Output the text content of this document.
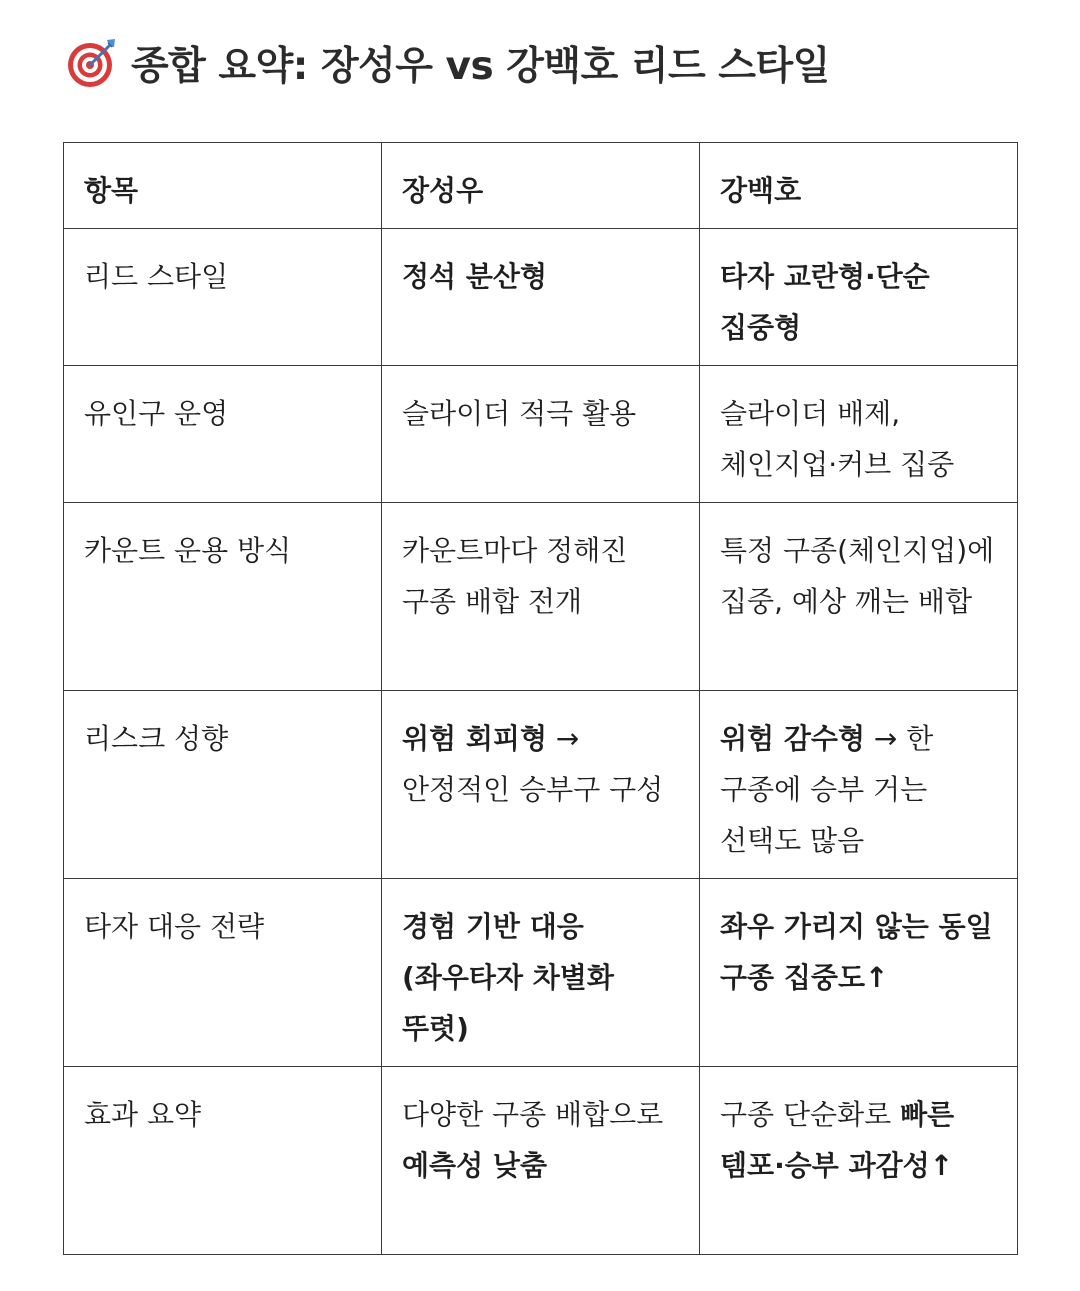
종합 요약: 장성우 vs 강백호 리드 스타일
항목	장성우	강백호
리드 스타일	정석 분산형	타자 교란형·단순 집중형
유인구 운영	슬라이더 적극 활용	슬라이더 배제, 체인지업·커브 집중
카운트 운용 방식	카운트마다 정해진 구종 배합 전개	특정 구종(체인지업)에 집중, 예상 깨는 배합
리스크 성향	위험 회피형 → 안정적인 승부구 구성	위험 감수형 → 한 구종에 승부 거는 선택도 많음
타자 대응 전략	경험 기반 대응 (좌우타자 차별화 뚜렷)	좌우 가리지 않는 동일 구종 집중도↑
효과 요약	다양한 구종 배합으로 예측성 낮춤	구종 단순화로 빠른 템포·승부 과감성↑
